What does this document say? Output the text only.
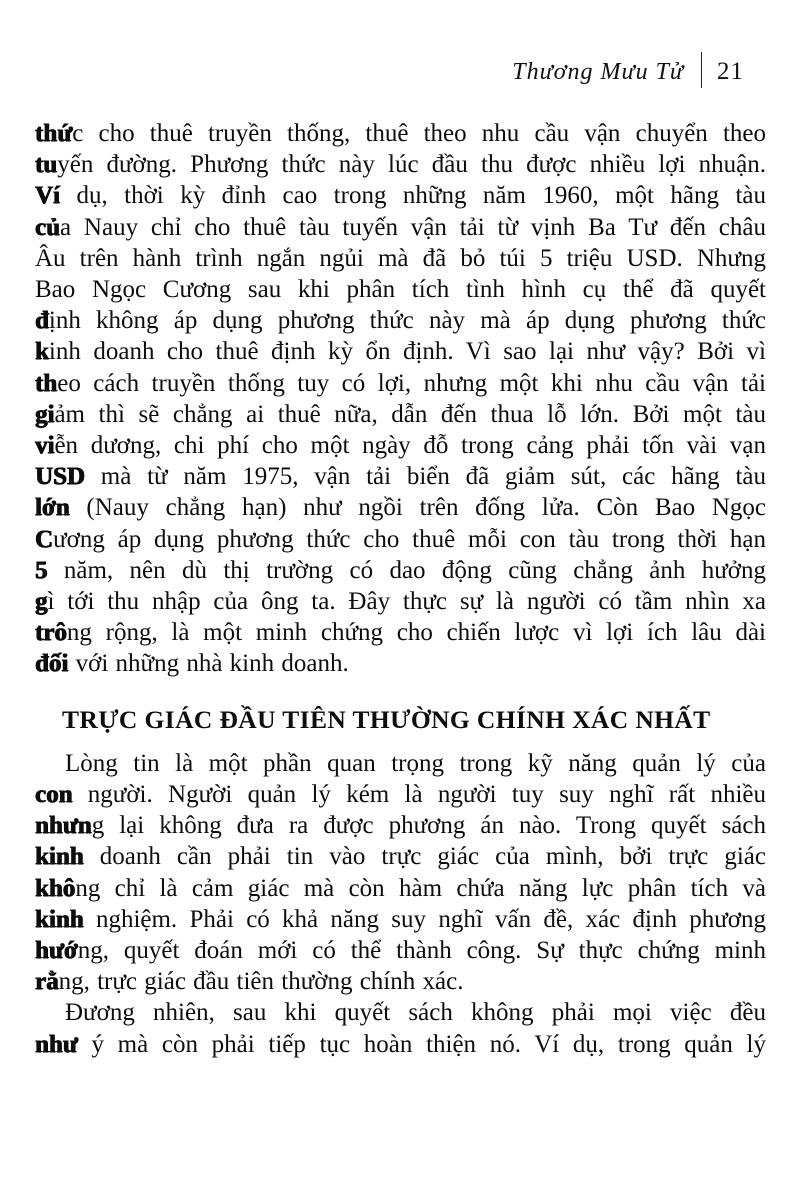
Thương Mưu Tử 21
thức cho thuê truyền thống, thuê theo nhu cầu vận chuyển theo
tuyến đường. Phương thức này lúc đầu thu được nhiều lợi nhuận.
Ví dụ, thời kỳ đỉnh cao trong những năm 1960, một hãng tàu
của Nauy chỉ cho thuê tàu tuyến vận tải từ vịnh Ba Tư đến châu
Âu trên hành trình ngắn ngủi mà đã bỏ túi 5 triệu USD. Nhưng
Bao Ngọc Cương sau khi phân tích tình hình cụ thể đã quyết
định không áp dụng phương thức này mà áp dụng phương thức
kinh doanh cho thuê định kỳ ổn định. Vì sao lại như vậy? Bởi vì
theo cách truyền thống tuy có lợi, nhưng một khi nhu cầu vận tải
giảm thì sẽ chẳng ai thuê nữa, dẫn đến thua lỗ lớn. Bởi một tàu
viễn dương, chi phí cho một ngày đỗ trong cảng phải tốn vài vạn
USD mà từ năm 1975, vận tải biển đã giảm sút, các hãng tàu
lớn (Nauy chẳng hạn) như ngồi trên đống lửa. Còn Bao Ngọc
Cương áp dụng phương thức cho thuê mỗi con tàu trong thời hạn
5 năm, nên dù thị trường có dao động cũng chẳng ảnh hưởng
gì tới thu nhập của ông ta. Đây thực sự là người có tầm nhìn xa
trông rộng, là một minh chứng cho chiến lược vì lợi ích lâu dài
đối với những nhà kinh doanh.
TRỰC GIÁC ĐẦU TIÊN THƯỜNG CHÍNH XÁC NHẤT
Lòng tin là một phần quan trọng trong kỹ năng quản lý của
con người. Người quản lý kém là người tuy suy nghĩ rất nhiều
nhưng lại không đưa ra được phương án nào. Trong quyết sách
kinh doanh cần phải tin vào trực giác của mình, bởi trực giác
không chỉ là cảm giác mà còn hàm chứa năng lực phân tích và
kinh nghiệm. Phải có khả năng suy nghĩ vấn đề, xác định phương
hướng, quyết đoán mới có thể thành công. Sự thực chứng minh
rằng, trực giác đầu tiên thường chính xác.
Đương nhiên, sau khi quyết sách không phải mọi việc đều
như ý mà còn phải tiếp tục hoàn thiện nó. Ví dụ, trong quản lý
